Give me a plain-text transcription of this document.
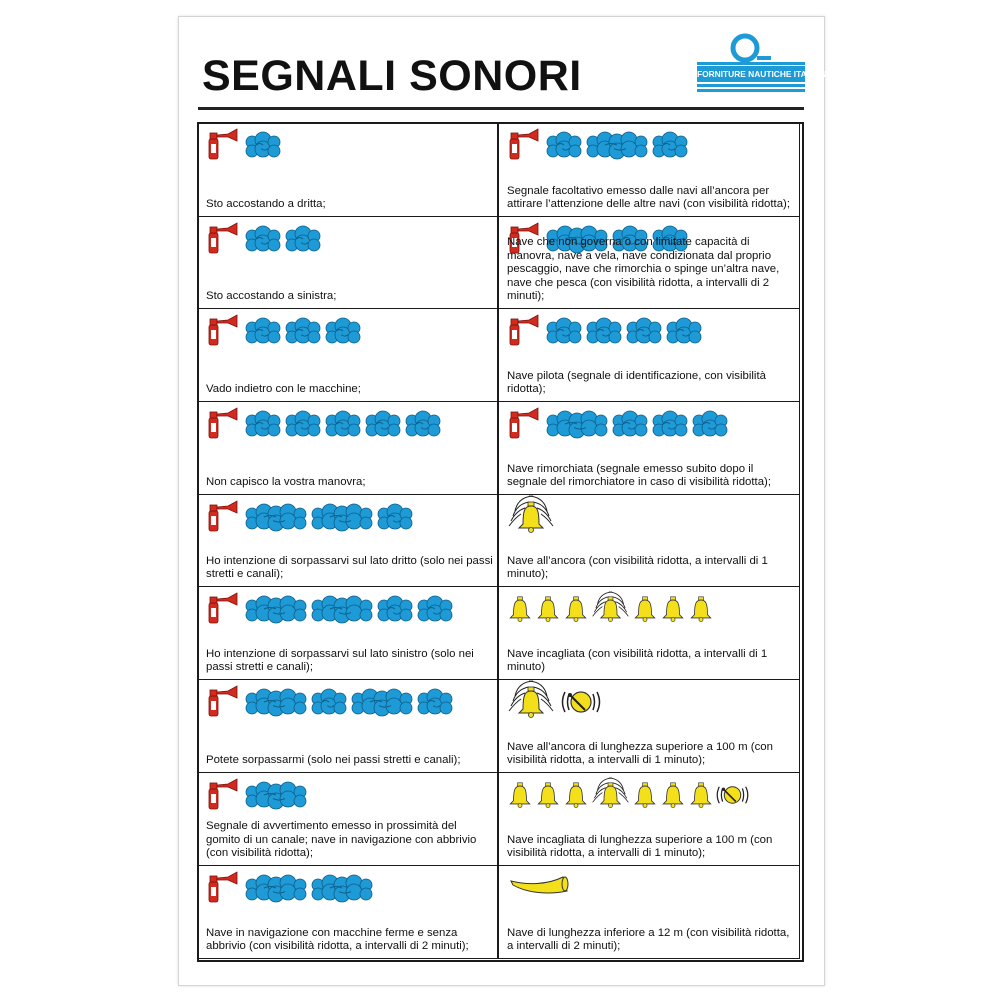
SEGNALI SONORI	FORNITURE NAUTICHE ITALIANE
Sto accostando a dritta;
Sto accostando a sinistra;
Vado indietro con le macchine;
Non capisco la vostra manovra;
Ho intenzione di sorpassarvi sul lato dritto (solo nei passi stretti e canali);
Ho intenzione di sorpassarvi sul lato sinistro (solo nei passi stretti e canali);
Potete sorpassarmi (solo nei passi stretti e canali);
Segnale di avvertimento emesso in prossimità del gomito di un canale; nave in navigazione con abbrivio (con visibilità ridotta);
Nave in navigazione con macchine ferme e senza abbrivio (con visibilità ridotta, a intervalli di 2 minuti);
Segnale facoltativo emesso dalle navi all’ancora per attirare l’attenzione delle altre navi (con visibilità ridotta);
Nave che non governa o con limitate capacità di manovra, nave a vela, nave condizionata dal proprio pescaggio, nave che rimorchia o spinge un’altra nave, nave che pesca (con visibilità ridotta, a intervalli di 2 minuti);
Nave pilota (segnale di identificazione, con visibilità ridotta);
Nave rimorchiata (segnale emesso subito dopo il segnale del rimorchiatore in caso di visibilità ridotta);
Nave all’ancora (con visibilità ridotta, a intervalli di 1 minuto);
Nave incagliata (con visibilità ridotta, a intervalli di 1 minuto)
Nave all’ancora di lunghezza superiore a 100 m (con visibilità ridotta, a intervalli di 1 minuto);
Nave incagliata di lunghezza superiore a 100 m (con visibilità ridotta, a intervalli di 1 minuto);
Nave di lunghezza inferiore a 12 m (con visibilità ridotta, a intervalli di 2 minuti);
